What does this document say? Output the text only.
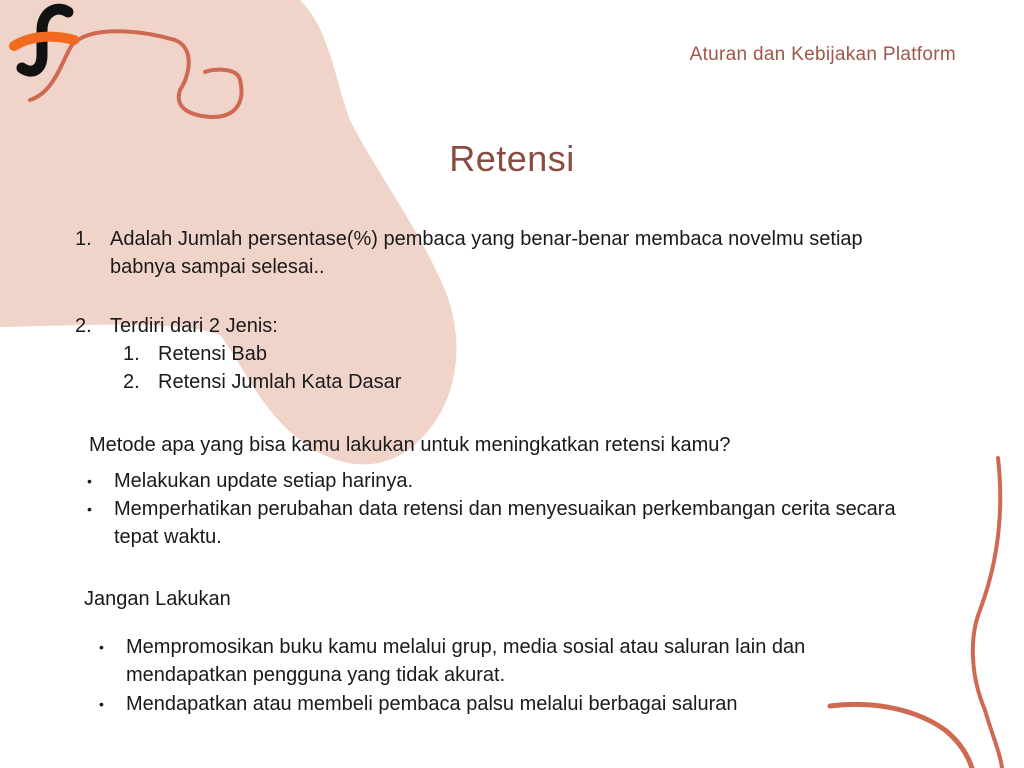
Aturan dan Kebijakan Platform
Retensi
1. Adalah Jumlah persentase(%) pembaca yang benar-benar membaca novelmu setiap
babnya sampai selesai..
2. Terdiri dari 2 Jenis:
1. Retensi Bab
2. Retensi Jumlah Kata Dasar
Metode apa yang bisa kamu lakukan untuk meningkatkan retensi kamu?
• Melakukan update setiap harinya.
• Memperhatikan perubahan data retensi dan menyesuaikan perkembangan cerita secara
tepat waktu.
Jangan Lakukan
• Mempromosikan buku kamu melalui grup, media sosial atau saluran lain dan
mendapatkan pengguna yang tidak akurat.
• Mendapatkan atau membeli pembaca palsu melalui berbagai saluran
